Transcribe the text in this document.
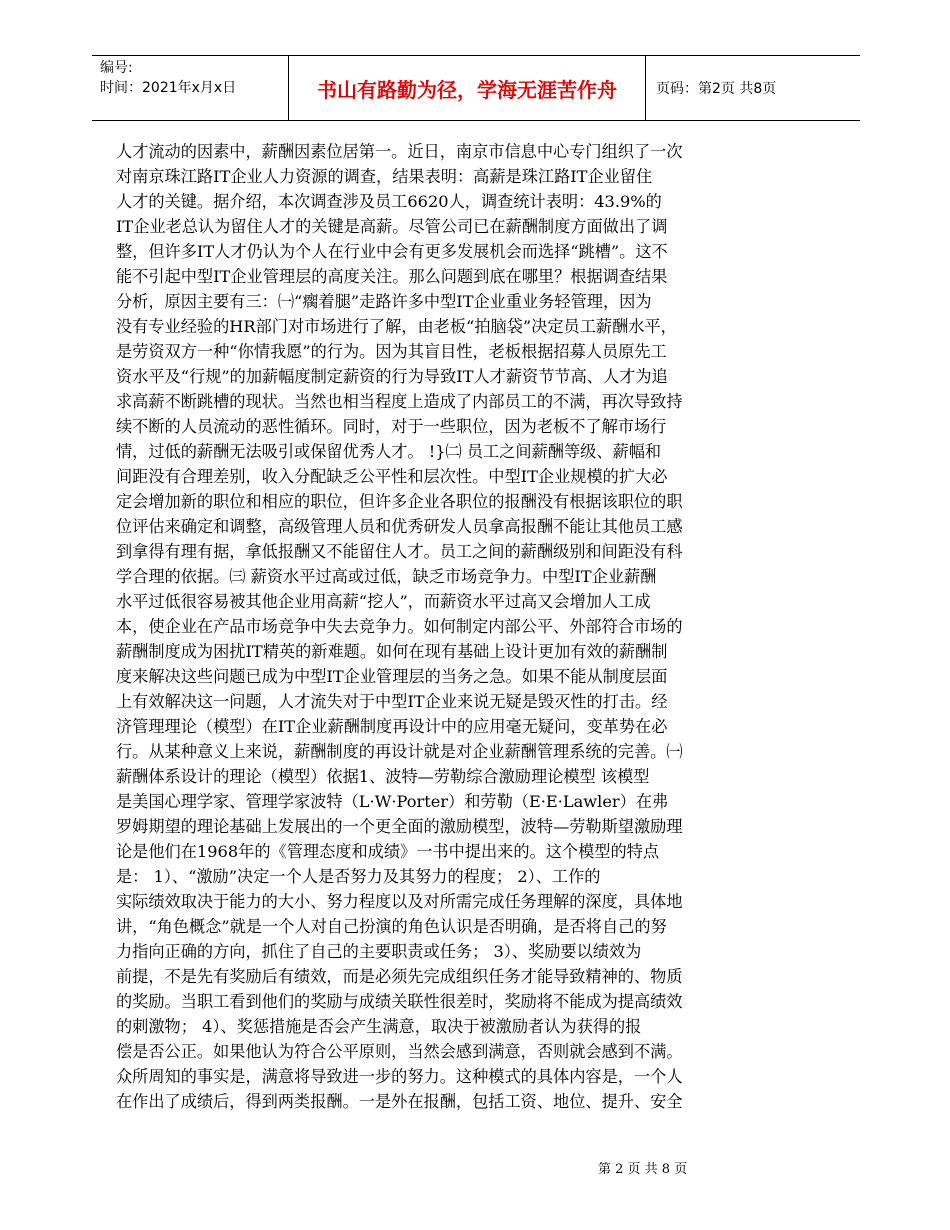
编号:
时间：2021年x月x日	书山有路勤为径，学海无涯苦作舟	页码：第2页 共8页
人才流动的因素中，薪酬因素位居第一。近日，南京市信息中心专门组织了一次
对南京珠江路IT企业人力资源的调查，结果表明：高薪是珠江路IT企业留住
人才的关键。据介绍，本次调查涉及员工6620人，调查统计表明：43.9%的
IT企业老总认为留住人才的关键是高薪。尽管公司已在薪酬制度方面做出了调
整，但许多IT人才仍认为个人在行业中会有更多发展机会而选择“跳槽”。这不
能不引起中型IT企业管理层的高度关注。那么问题到底在哪里？根据调查结果
分析，原因主要有三：㈠“瘸着腿”走路许多中型IT企业重业务轻管理，因为
没有专业经验的HR部门对市场进行了解，由老板“拍脑袋”决定员工薪酬水平，
是劳资双方一种“你情我愿”的行为。因为其盲目性，老板根据招募人员原先工
资水平及“行规”的加薪幅度制定薪资的行为导致IT人才薪资节节高、人才为追
求高薪不断跳槽的现状。当然也相当程度上造成了内部员工的不满，再次导致持
续不断的人员流动的恶性循环。同时，对于一些职位，因为老板不了解市场行
情，过低的薪酬无法吸引或保留优秀人才。 !}㈡ 员工之间薪酬等级、薪幅和
间距没有合理差别，收入分配缺乏公平性和层次性。中型IT企业规模的扩大必
定会增加新的职位和相应的职位，但许多企业各职位的报酬没有根据该职位的职
位评估来确定和调整，高级管理人员和优秀研发人员拿高报酬不能让其他员工感
到拿得有理有据，拿低报酬又不能留住人才。员工之间的薪酬级别和间距没有科
学合理的依据。㈢ 薪资水平过高或过低，缺乏市场竞争力。中型IT企业薪酬
水平过低很容易被其他企业用高薪“挖人”，而薪资水平过高又会增加人工成
本，使企业在产品市场竞争中失去竞争力。如何制定内部公平、外部符合市场的
薪酬制度成为困扰IT精英的新难题。如何在现有基础上设计更加有效的薪酬制
度来解决这些问题已成为中型IT企业管理层的当务之急。如果不能从制度层面
上有效解决这一问题，人才流失对于中型IT企业来说无疑是毁灭性的打击。经
济管理理论（模型）在IT企业薪酬制度再设计中的应用毫无疑问，变革势在必
行。从某种意义上来说，薪酬制度的再设计就是对企业薪酬管理系统的完善。㈠
薪酬体系设计的理论（模型）依据1、波特—劳勒综合激励理论模型 该模型
是美国心理学家、管理学家波特（L·W·Porter）和劳勒（E·E·Lawler）在弗
罗姆期望的理论基础上发展出的一个更全面的激励模型，波特—劳勒斯望激励理
论是他们在1968年的《管理态度和成绩》一书中提出来的。这个模型的特点
是： 1）、“激励”决定一个人是否努力及其努力的程度； 2）、工作的
实际绩效取决于能力的大小、努力程度以及对所需完成任务理解的深度，具体地
讲，“角色概念”就是一个人对自己扮演的角色认识是否明确，是否将自己的努
力指向正确的方向，抓住了自己的主要职责或任务； 3）、奖励要以绩效为
前提，不是先有奖励后有绩效，而是必须先完成组织任务才能导致精神的、物质
的奖励。当职工看到他们的奖励与成绩关联性很差时，奖励将不能成为提高绩效
的刺激物； 4）、奖惩措施是否会产生满意，取决于被激励者认为获得的报
偿是否公正。如果他认为符合公平原则，当然会感到满意，否则就会感到不满。
众所周知的事实是，满意将导致进一步的努力。这种模式的具体内容是，一个人
在作出了成绩后，得到两类报酬。一是外在报酬，包括工资、地位、提升、安全
第 2 页 共 8 页
